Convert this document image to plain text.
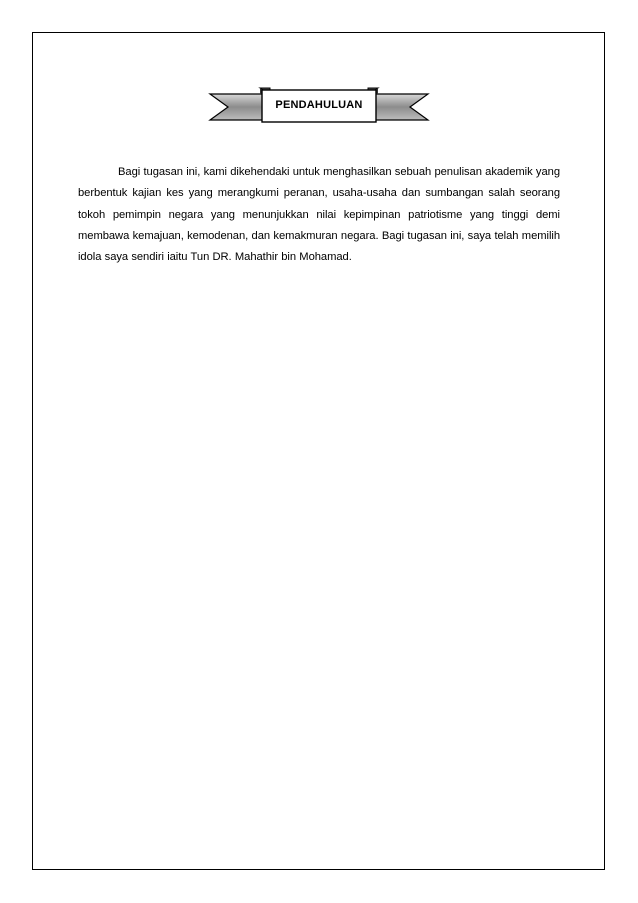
PENDAHULUAN

Bagi tugasan ini, kami dikehendaki untuk menghasilkan sebuah penulisan akademik yang berbentuk kajian kes yang merangkumi peranan, usaha-usaha dan sumbangan salah seorang tokoh pemimpin negara yang menunjukkan nilai kepimpinan patriotisme yang tinggi demi membawa kemajuan, kemodenan, dan kemakmuran negara. Bagi tugasan ini, saya telah memilih idola saya sendiri iaitu Tun DR. Mahathir bin Mohamad.
